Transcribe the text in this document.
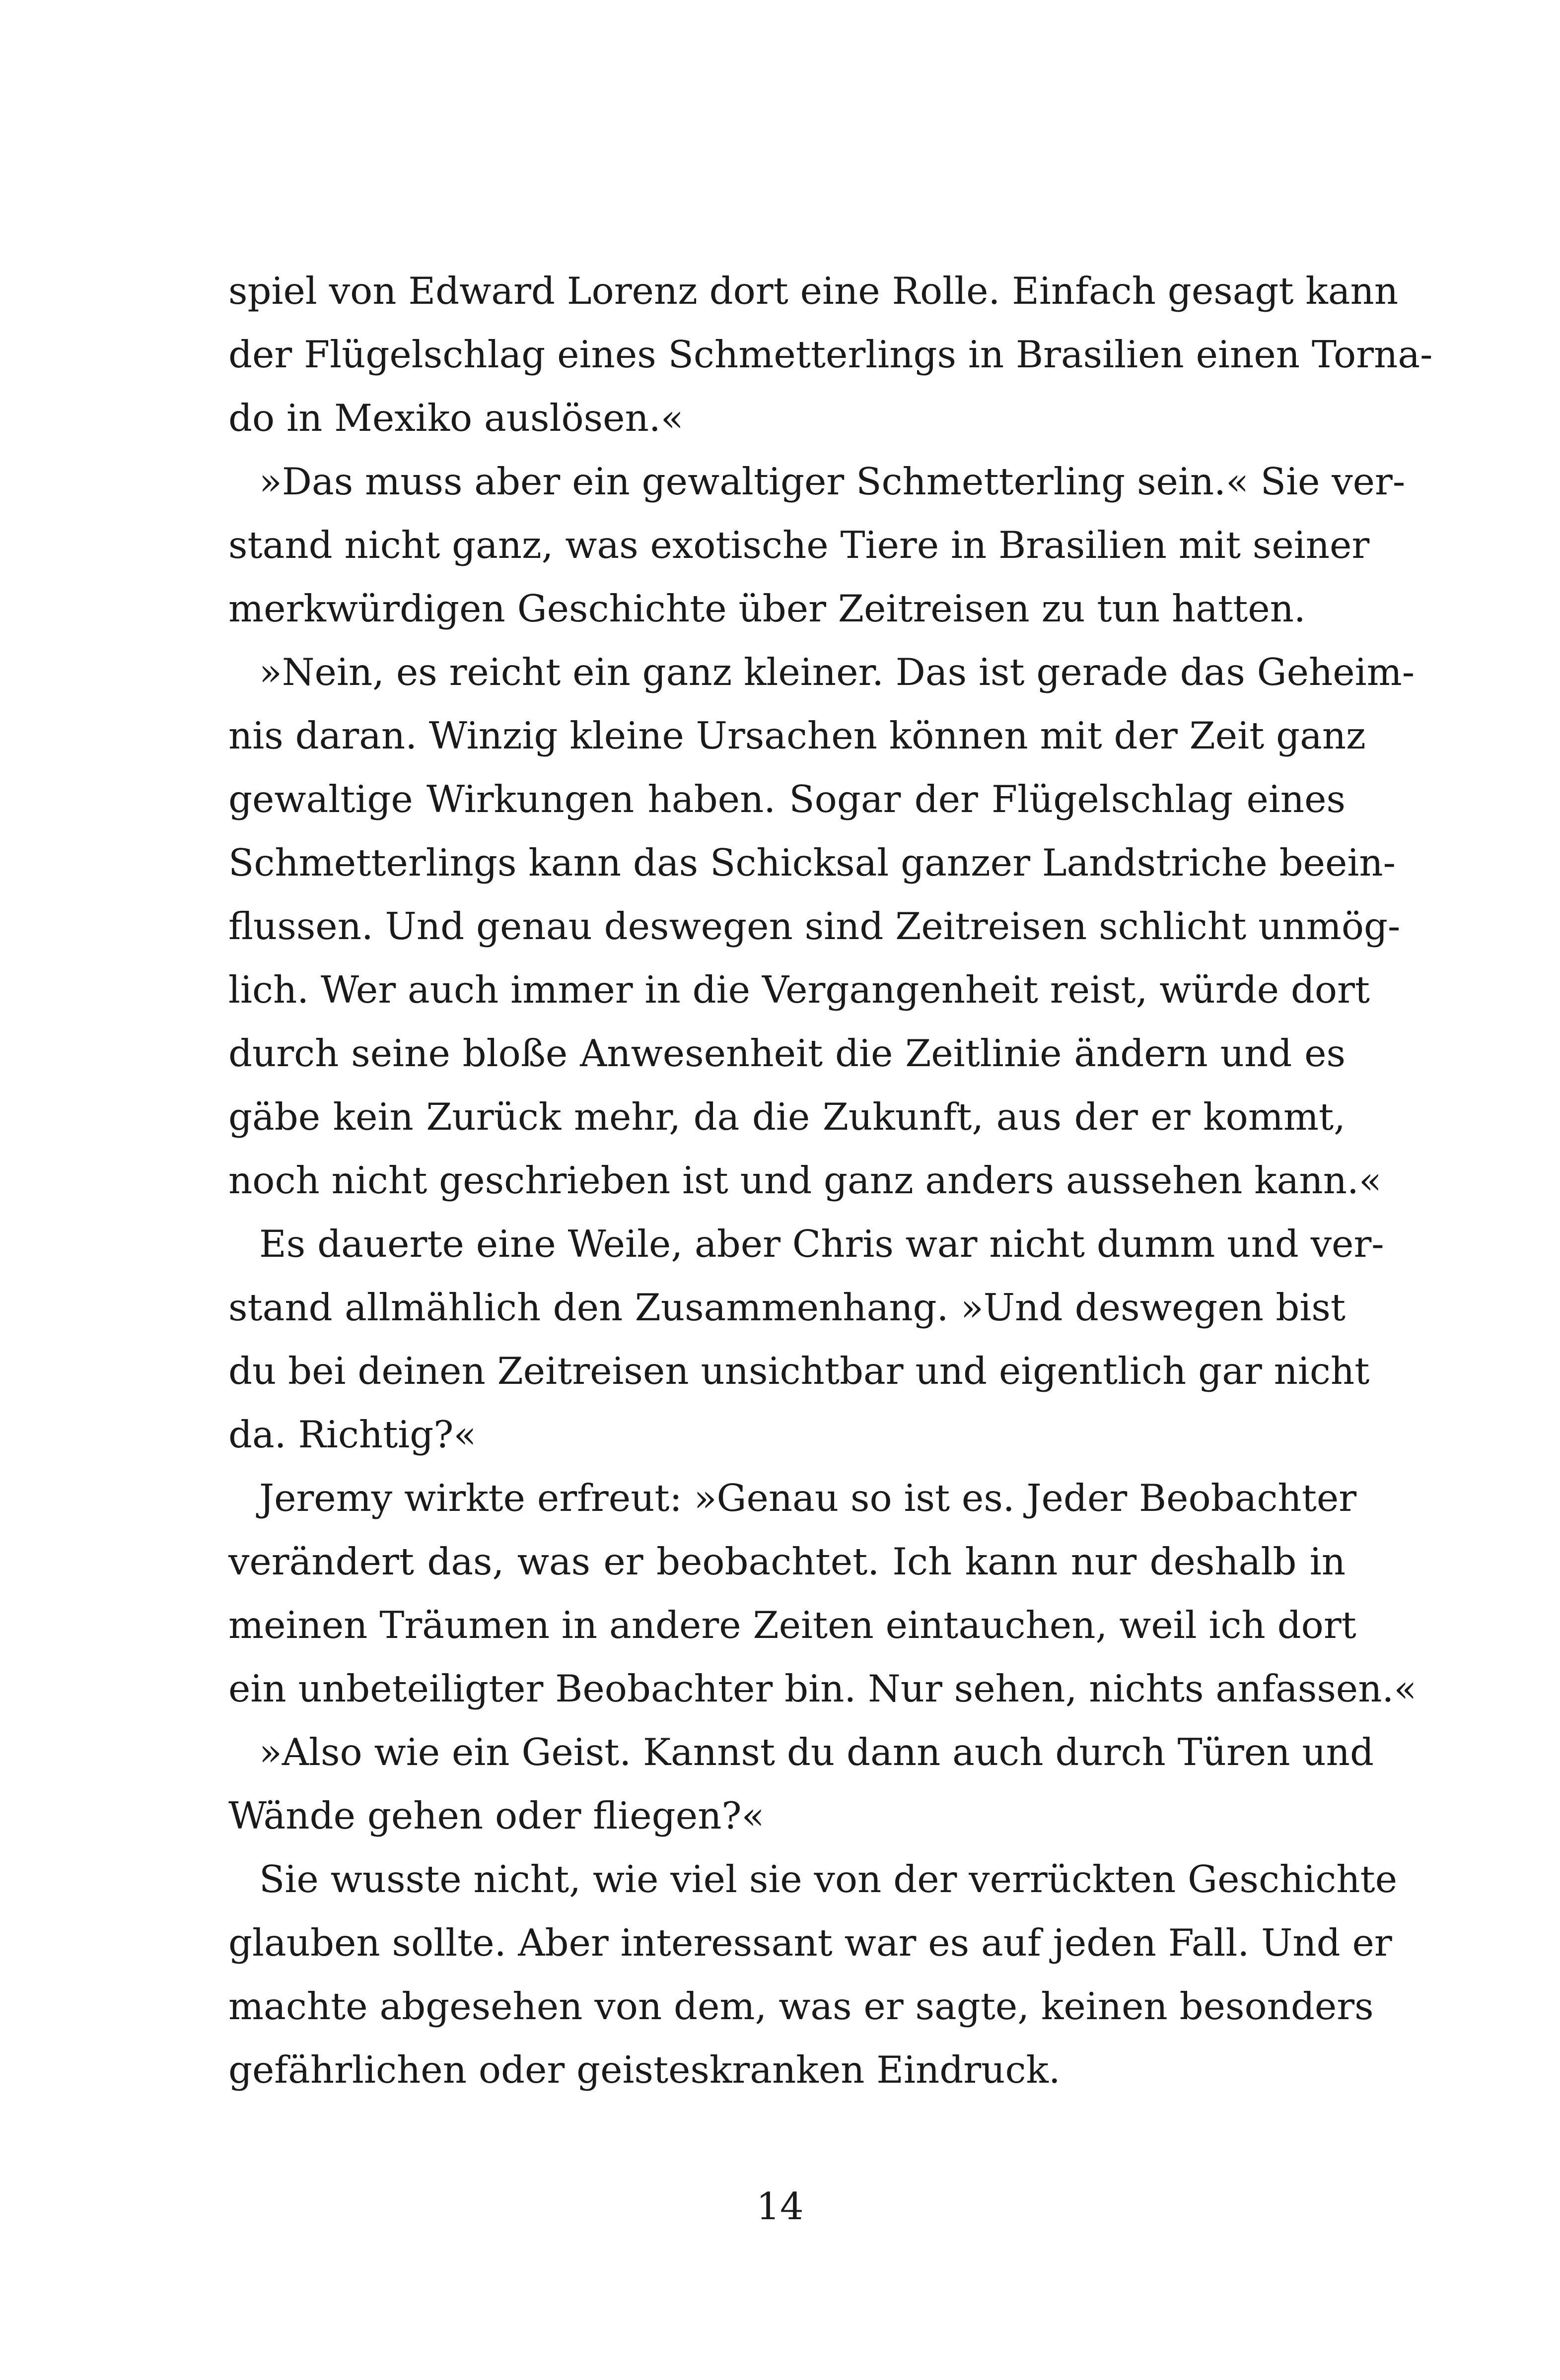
spiel von Edward Lorenz dort eine Rolle. Einfach gesagt kann
der Flügelschlag eines Schmetterlings in Brasilien einen Torna-
do in Mexiko auslösen.«
»Das muss aber ein gewaltiger Schmetterling sein.« Sie ver-
stand nicht ganz, was exotische Tiere in Brasilien mit seiner
merkwürdigen Geschichte über Zeitreisen zu tun hatten.
»Nein, es reicht ein ganz kleiner. Das ist gerade das Geheim-
nis daran. Winzig kleine Ursachen können mit der Zeit ganz
gewaltige Wirkungen haben. Sogar der Flügelschlag eines
Schmetterlings kann das Schicksal ganzer Landstriche beein-
flussen. Und genau deswegen sind Zeitreisen schlicht unmög-
lich. Wer auch immer in die Vergangenheit reist, würde dort
durch seine bloße Anwesenheit die Zeitlinie ändern und es
gäbe kein Zurück mehr, da die Zukunft, aus der er kommt,
noch nicht geschrieben ist und ganz anders aussehen kann.«
Es dauerte eine Weile, aber Chris war nicht dumm und ver-
stand allmählich den Zusammenhang. »Und deswegen bist
du bei deinen Zeitreisen unsichtbar und eigentlich gar nicht
da. Richtig?«
Jeremy wirkte erfreut: »Genau so ist es. Jeder Beobachter
verändert das, was er beobachtet. Ich kann nur deshalb in
meinen Träumen in andere Zeiten eintauchen, weil ich dort
ein unbeteiligter Beobachter bin. Nur sehen, nichts anfassen.«
»Also wie ein Geist. Kannst du dann auch durch Türen und
Wände gehen oder fliegen?«
Sie wusste nicht, wie viel sie von der verrückten Geschichte
glauben sollte. Aber interessant war es auf jeden Fall. Und er
machte abgesehen von dem, was er sagte, keinen besonders
gefährlichen oder geisteskranken Eindruck.
14
